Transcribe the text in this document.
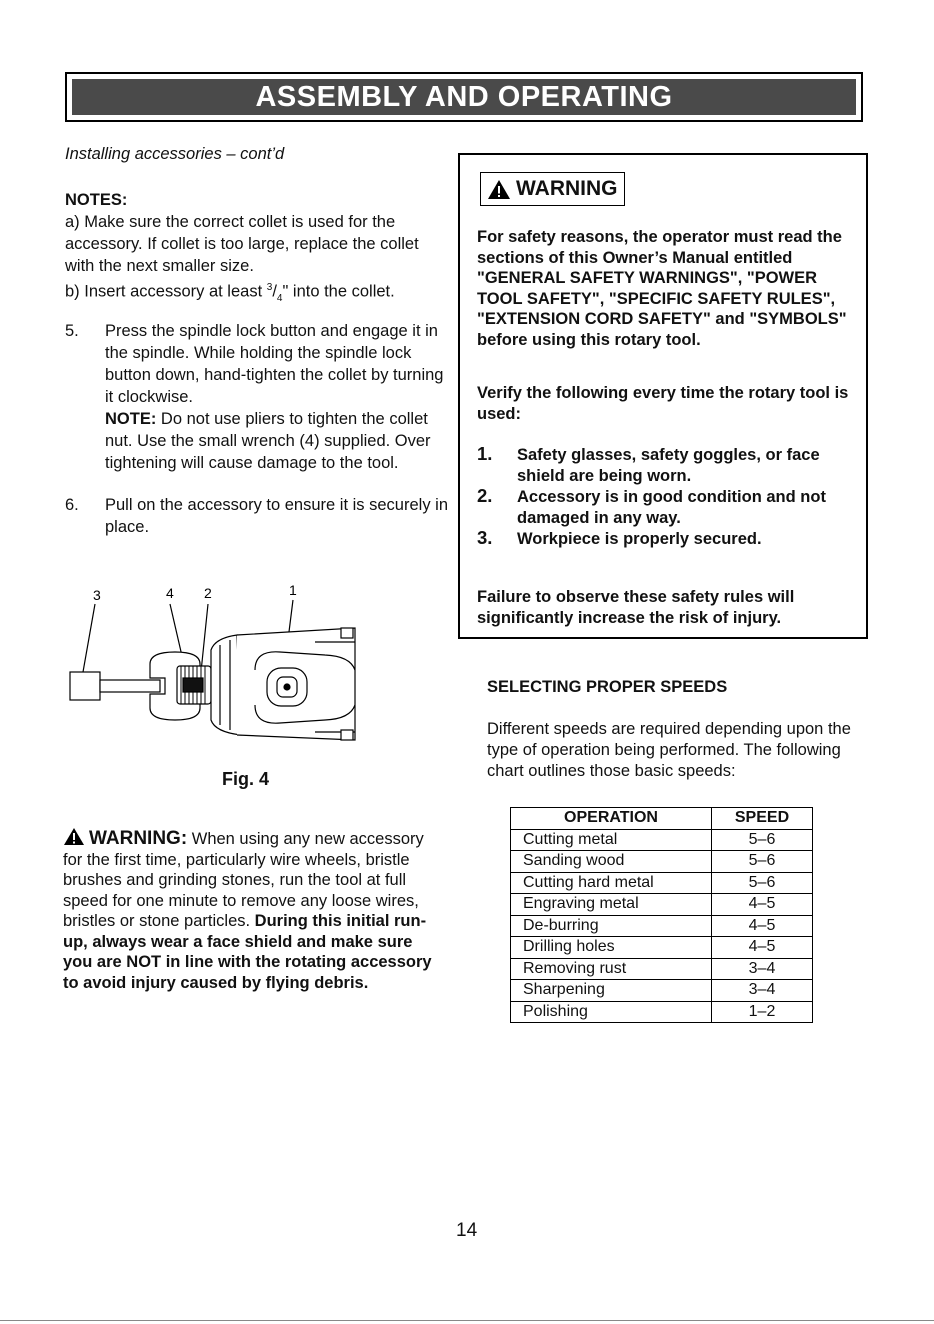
ASSEMBLY AND OPERATING
Installing accessories – cont’d
NOTES:
a) Make sure the correct collet is used for the accessory. If collet is too large, replace the collet with the next smaller size.
b) Insert accessory at least $^3/_4$" into the collet.
5. Press the spindle lock button and engage it in the spindle. While holding the spindle lock button down, hand-tighten the collet by turning it clockwise.
NOTE: Do not use pliers to tighten the collet nut. Use the small wrench (4) supplied. Over tightening will cause damage to the tool.
6. Pull on the accessory to ensure it is securely in place.
3	4 2	1
Fig. 4
WARNING: When using any new accessory for the first time, particularly wire wheels, bristle brushes and grinding stones, run the tool at full speed for one minute to remove any loose wires, bristles or stone particles. During this initial run-up, always wear a face shield and make sure you are NOT in line with the rotating accessory to avoid injury caused by flying debris.
WARNING
For safety reasons, the operator must read the sections of this Owner’s Manual entitled "GENERAL SAFETY WARNINGS", "POWER TOOL SAFETY", "SPECIFIC SAFETY RULES", "EXTENSION CORD SAFETY" and "SYMBOLS" before using this rotary tool.
Verify the following every time the rotary tool is used:
1. Safety glasses, safety goggles, or face shield are being worn.
2. Accessory is in good condition and not damaged in any way.
3. Workpiece is properly secured.
Failure to observe these safety rules will significantly increase the risk of injury.
SELECTING PROPER SPEEDS
Different speeds are required depending upon the type of operation being performed. The following chart outlines those basic speeds:
OPERATION	SPEED
Cutting metal	5–6
Sanding wood	5–6
Cutting hard metal	5–6
Engraving metal	4–5
De-burring	4–5
Drilling holes	4–5
Removing rust	3–4
Sharpening	3–4
Polishing	1–2
14
